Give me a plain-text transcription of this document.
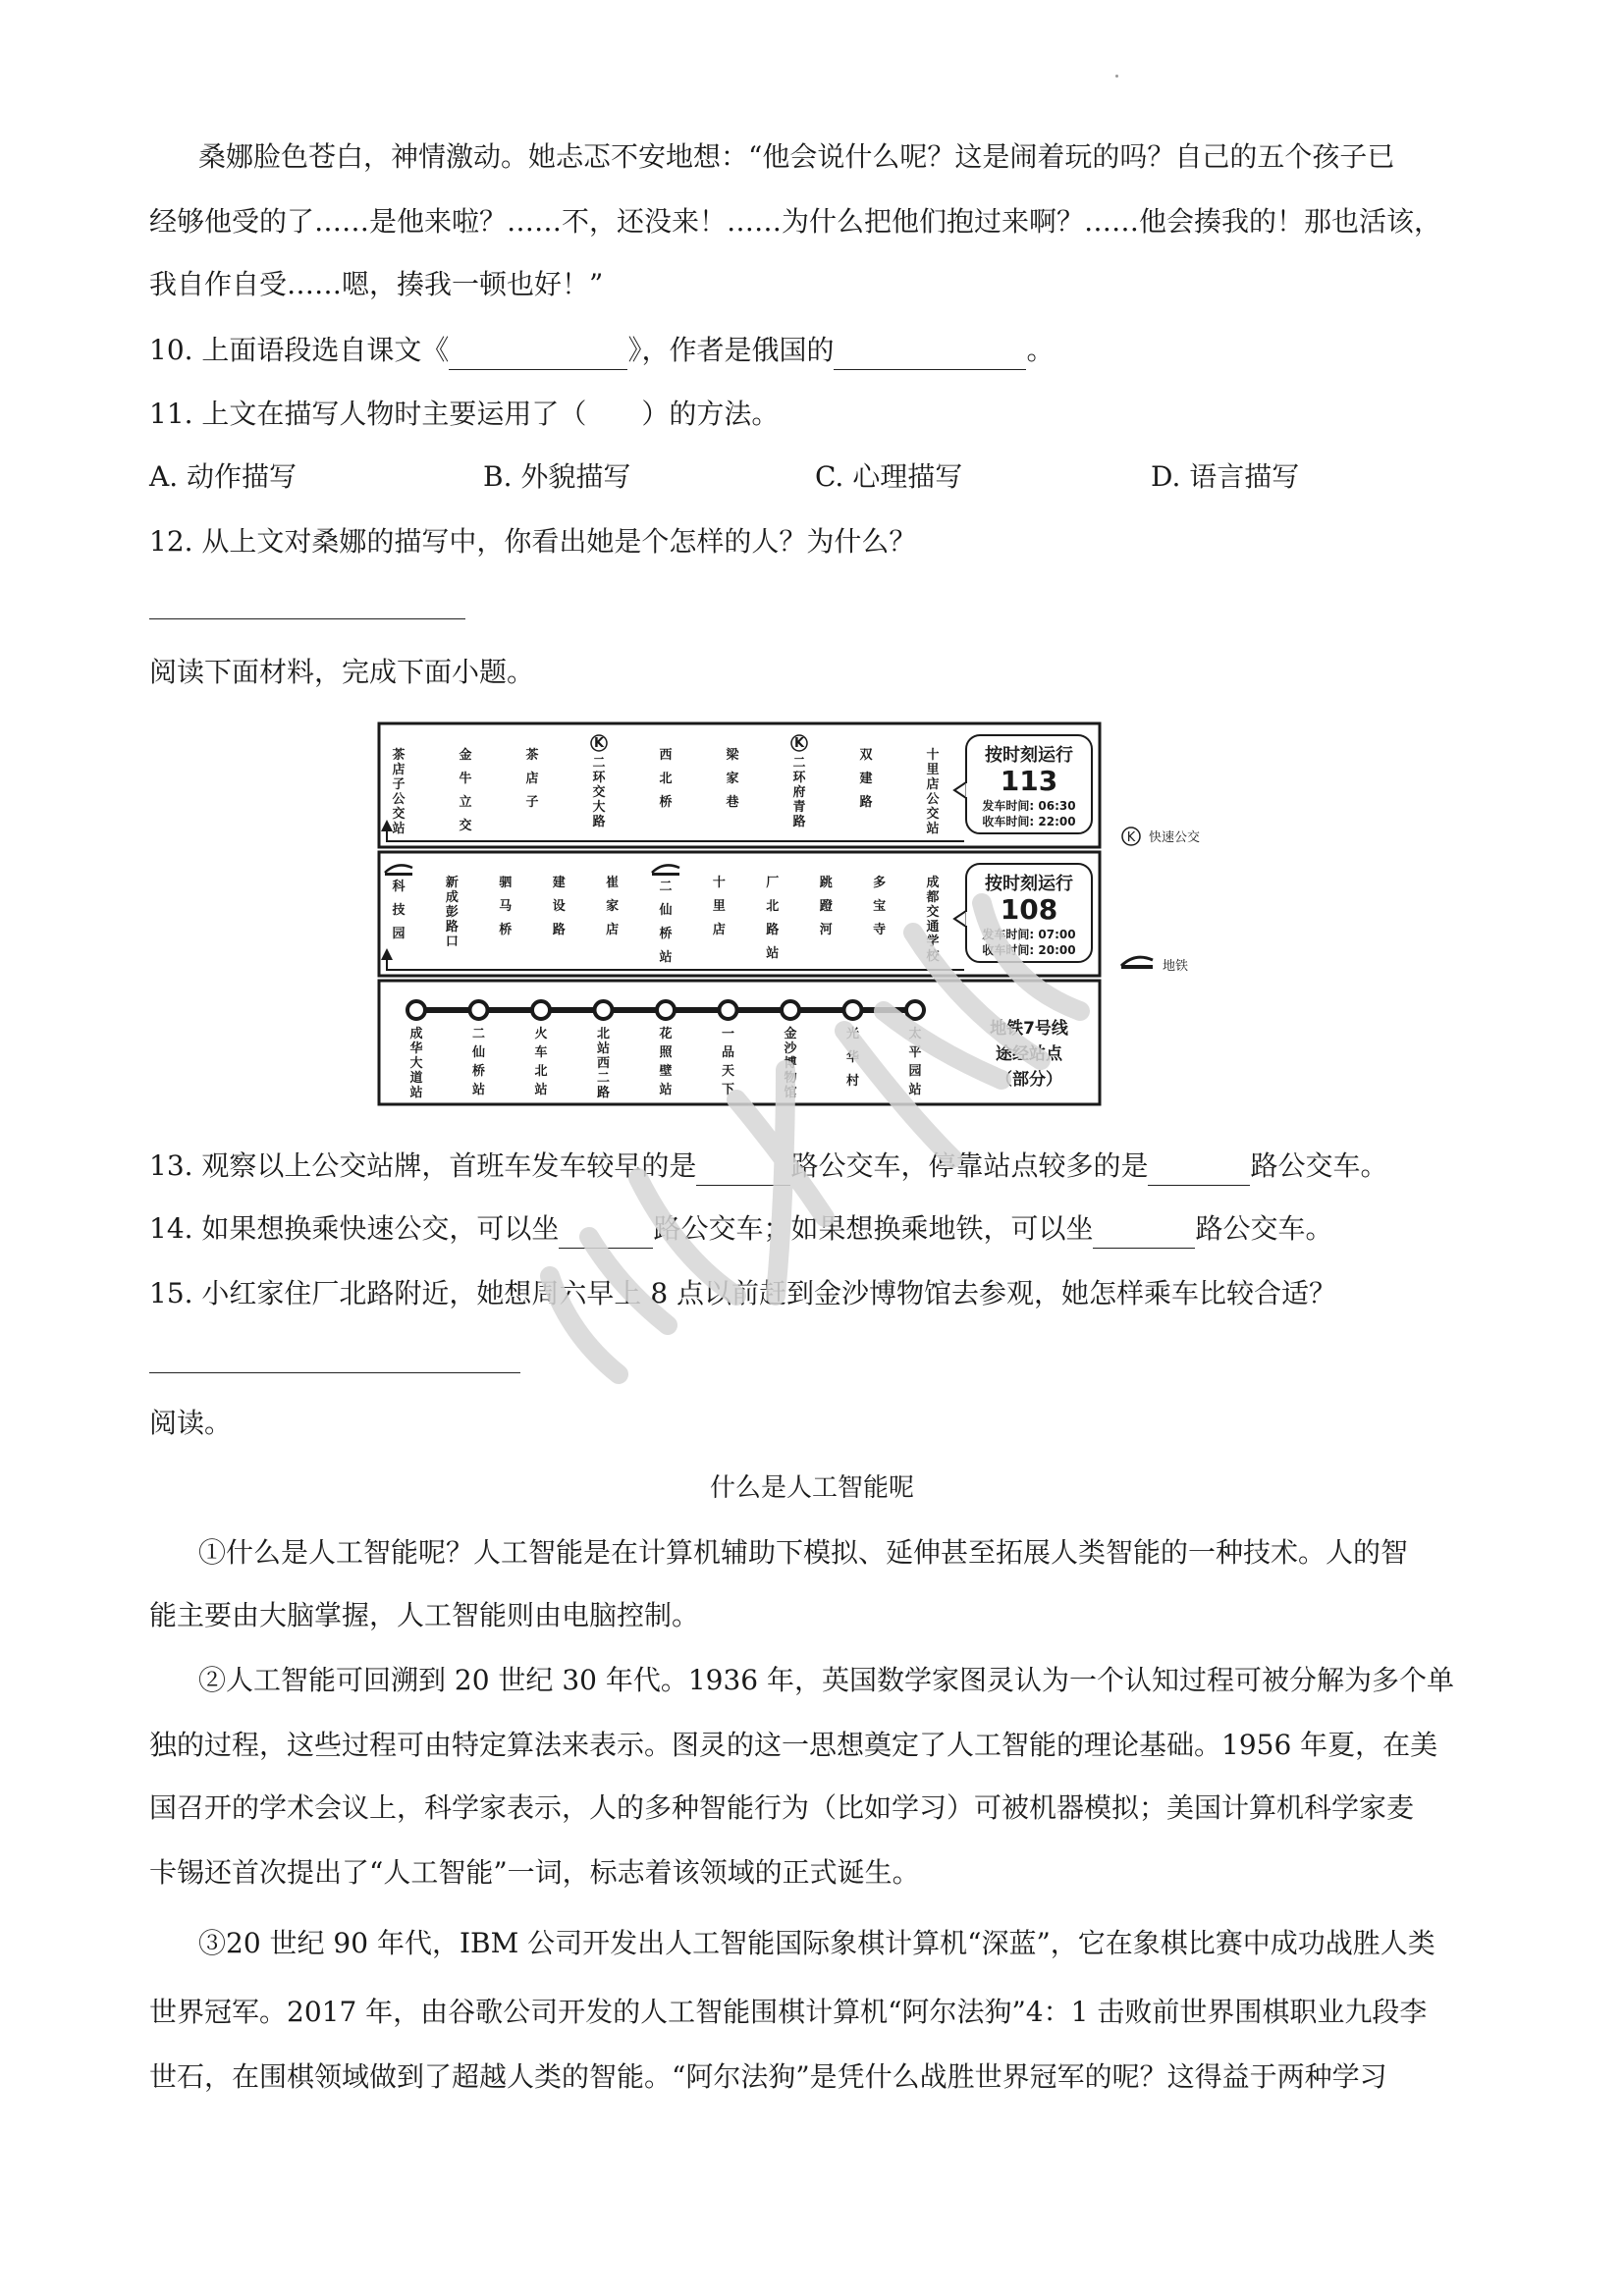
桑娜脸色苍白，神情激动。她忐忑不安地想：“他会说什么呢？这是闹着玩的吗？自己的五个孩子已
经够他受的了……是他来啦？……不，还没来！……为什么把他们抱过来啊？……他会揍我的！那也活该，
我自作自受……嗯，揍我一顿也好！”
10. 上面语段选自课文《	》，作者是俄国的	。
11. 上文在描写人物时主要运用了（　　）的方法。
A. 动作描写	B. 外貌描写	C. 心理描写	D. 语言描写
12. 从上文对桑娜的描写中，你看出她是个怎样的人？为什么？
阅读下面材料，完成下面小题。
茶店子公交站
金牛立交
茶店子
K
二环交大路
西北桥
梁家巷
K
二环府青路
双建路
十里店公交站
科技园
新成彭路口
驷马桥
建设路
崔家店
二仙桥站
十里店
厂北路站
跳蹬河
多宝寺
成都交通学校
成华大道站
二仙桥站
火车北站
北站西二路
花照壁站
一品天下
金沙博物馆
光华村
太平园站
按时刻运行
113
发车时间: 06:30
收车时间: 22:00
按时刻运行
108
发车时间: 07:00
收车时间: 20:00
地铁7号线
途经站点
（部分）
K 快速公交
地铁
13. 观察以上公交站牌，首班车发车较早的是	路公交车，停靠站点较多的是	路公交车。
14. 如果想换乘快速公交，可以坐	路公交车；如果想换乘地铁，可以坐	路公交车。
15. 小红家住厂北路附近，她想周六早上 8 点以前赶到金沙博物馆去参观，她怎样乘车比较合适？
阅读。
什么是人工智能呢
①什么是人工智能呢？人工智能是在计算机辅助下模拟、延伸甚至拓展人类智能的一种技术。人的智
能主要由大脑掌握，人工智能则由电脑控制。
②人工智能可回溯到 20 世纪 30 年代。1936 年，英国数学家图灵认为一个认知过程可被分解为多个单
独的过程，这些过程可由特定算法来表示。图灵的这一思想奠定了人工智能的理论基础。1956 年夏，在美
国召开的学术会议上，科学家表示，人的多种智能行为（比如学习）可被机器模拟；美国计算机科学家麦
卡锡还首次提出了“人工智能”一词，标志着该领域的正式诞生。
③20 世纪 90 年代，IBM 公司开发出人工智能国际象棋计算机“深蓝”，它在象棋比赛中成功战胜人类
世界冠军。2017 年，由谷歌公司开发的人工智能围棋计算机“阿尔法狗”4：1 击败前世界围棋职业九段李
世石，在围棋领域做到了超越人类的智能。“阿尔法狗”是凭什么战胜世界冠军的呢？这得益于两种学习
